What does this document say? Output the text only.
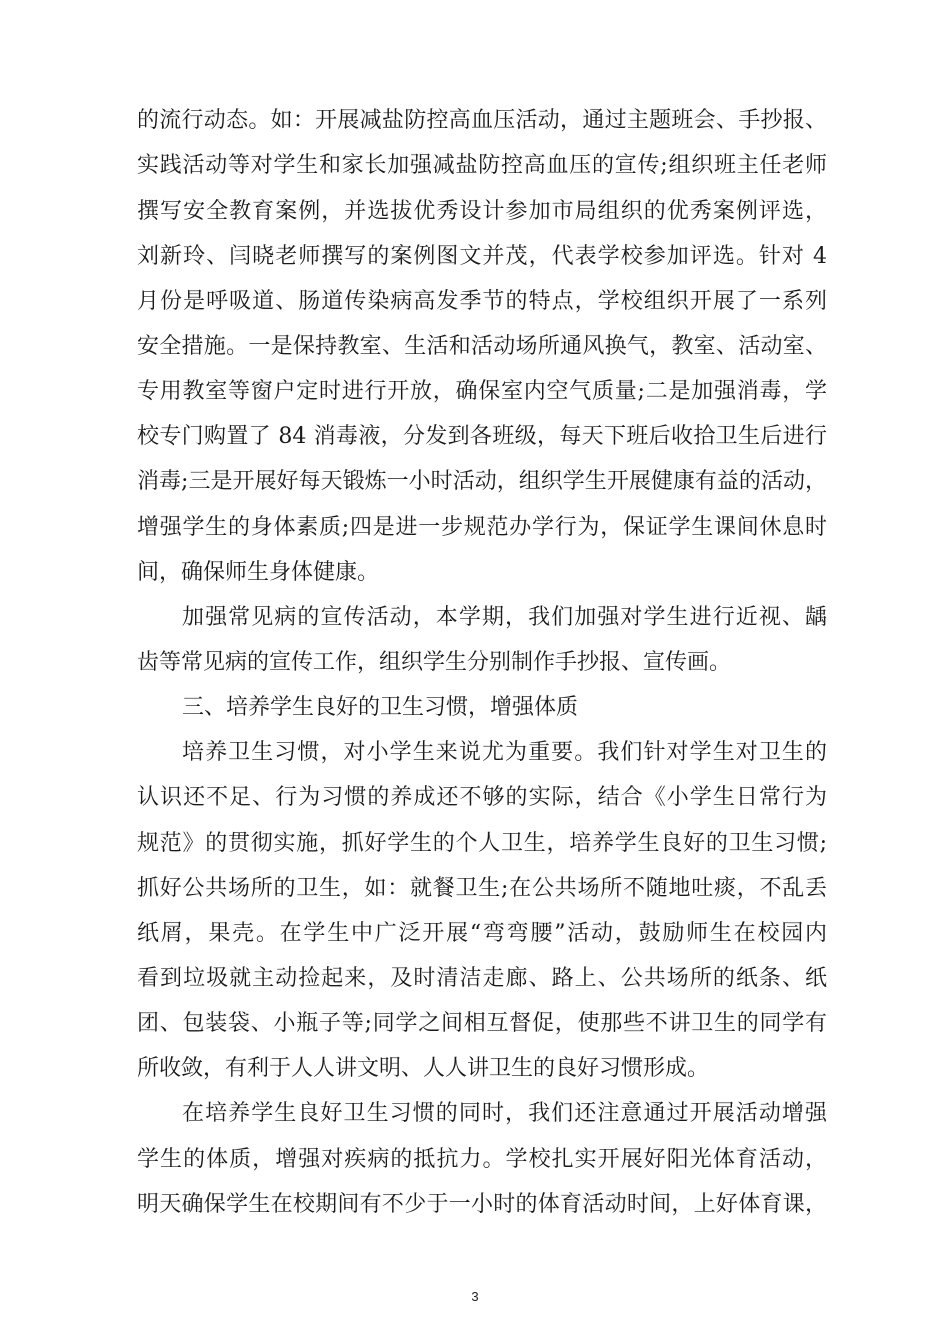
的流行动态。如：开展减盐防控高血压活动，通过主题班会、手抄报、

实践活动等对学生和家长加强减盐防控高血压的宣传;组织班主任老师

撰写安全教育案例，并选拔优秀设计参加市局组织的优秀案例评选，

刘新玲、闫晓老师撰写的案例图文并茂，代表学校参加评选。针对 4

月份是呼吸道、肠道传染病高发季节的特点，学校组织开展了一系列

安全措施。一是保持教室、生活和活动场所通风换气，教室、活动室、

专用教室等窗户定时进行开放，确保室内空气质量;二是加强消毒，学

校专门购置了 84 消毒液，分发到各班级，每天下班后收拾卫生后进行

消毒;三是开展好每天锻炼一小时活动，组织学生开展健康有益的活动，

增强学生的身体素质;四是进一步规范办学行为，保证学生课间休息时

间，确保师生身体健康。

加强常见病的宣传活动，本学期，我们加强对学生进行近视、龋

齿等常见病的宣传工作，组织学生分别制作手抄报、宣传画。

三、培养学生良好的卫生习惯，增强体质

培养卫生习惯，对小学生来说尤为重要。我们针对学生对卫生的

认识还不足、行为习惯的养成还不够的实际，结合《小学生日常行为

规范》的贯彻实施，抓好学生的个人卫生，培养学生良好的卫生习惯;

抓好公共场所的卫生，如：就餐卫生;在公共场所不随地吐痰，不乱丢

纸屑，果壳。在学生中广泛开展“弯弯腰”活动，鼓励师生在校园内

看到垃圾就主动捡起来，及时清洁走廊、路上、公共场所的纸条、纸

团、包装袋、小瓶子等;同学之间相互督促，使那些不讲卫生的同学有

所收敛，有利于人人讲文明、人人讲卫生的良好习惯形成。

在培养学生良好卫生习惯的同时，我们还注意通过开展活动增强

学生的体质，增强对疾病的抵抗力。学校扎实开展好阳光体育活动，

明天确保学生在校期间有不少于一小时的体育活动时间，上好体育课，

3
